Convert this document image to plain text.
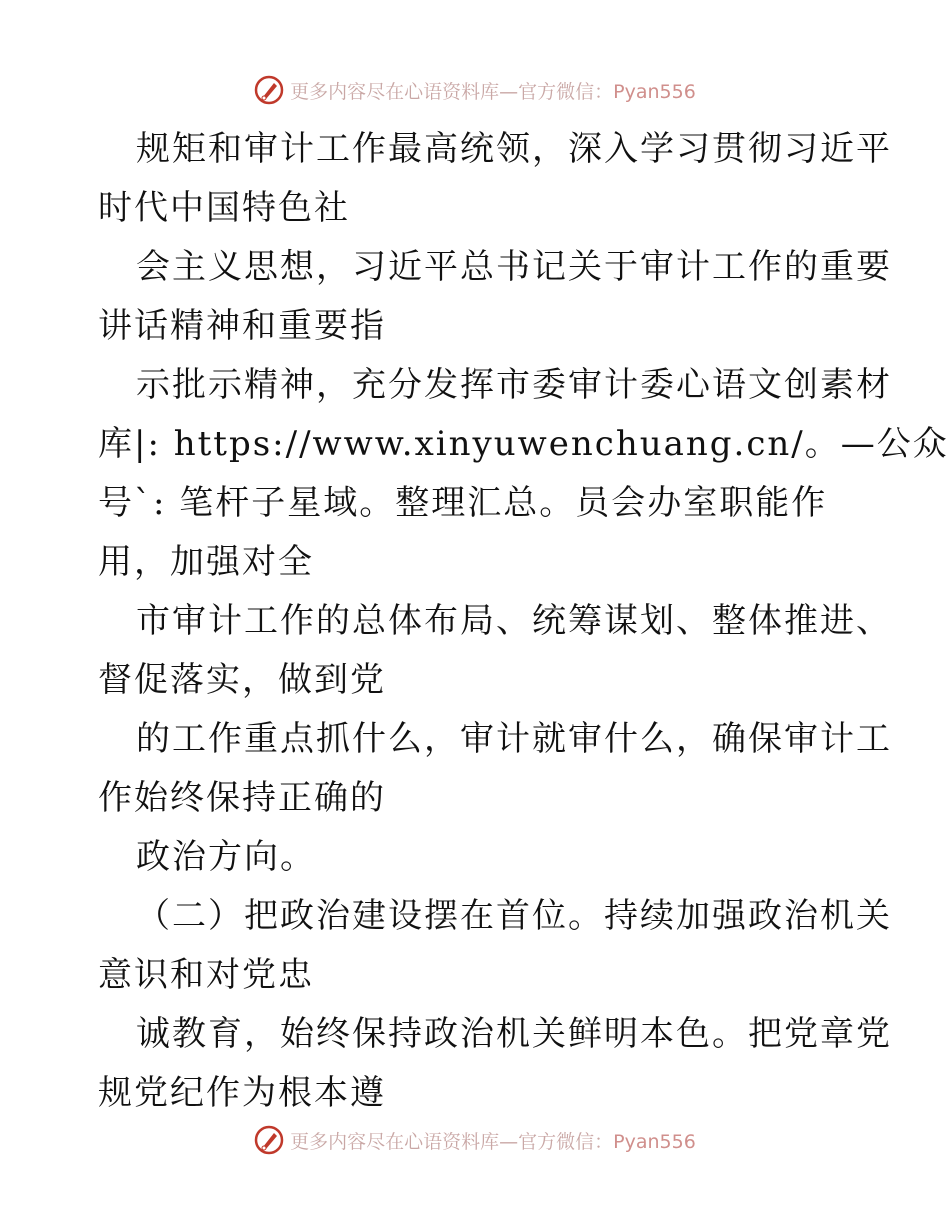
更多内容尽在心语资料库—官方微信：Pyan556
规矩和审计工作最高统领，深入学习贯彻习近平
时代中国特色社
会主义思想，习近平总书记关于审计工作的重要
讲话精神和重要指
示批示精神，充分发挥市委审计委心语文创素材
库|: https://www.xinyuwenchuang.cn/。—公众
号`: 笔杆子星域。整理汇总。员会办室职能作
用，加强对全
市审计工作的总体布局、统筹谋划、整体推进、
督促落实，做到党
的工作重点抓什么，审计就审什么，确保审计工
作始终保持正确的
政治方向。
（二）把政治建设摆在首位。持续加强政治机关
意识和对党忠
诚教育，始终保持政治机关鲜明本色。把党章党
规党纪作为根本遵
更多内容尽在心语资料库—官方微信：Pyan556
